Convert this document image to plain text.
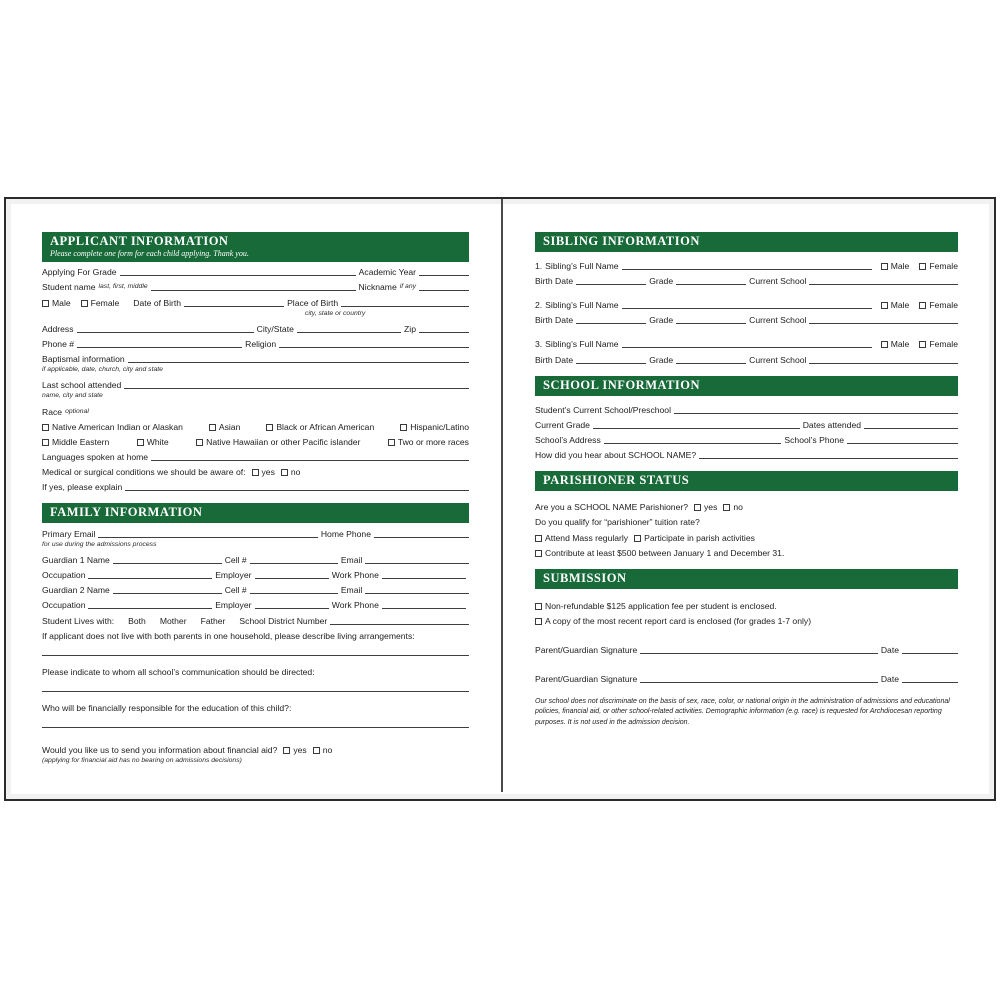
APPLICANT INFORMATION
Please complete one form for each child applying. Thank you.
Applying For Grade	Academic Year
Student name last, first, middle	Nickname if any
Male Female Date of Birth	Place of Birth
city, state or country
Address	City/State	Zip
Phone #	Religion
Baptismal information
if applicable, date, church, city and state
Last school attended
name, city and state
Race optional
Native American Indian or Alaskan	Asian	Black or African American	Hispanic/Latino
Middle Eastern	White	Native Hawaiian or other Pacific islander	Two or more races
Languages spoken at home
Medical or surgical conditions we should be aware of: yes no
If yes, please explain
FAMILY INFORMATION
Primary Email	Home Phone
for use during the admissions process
Guardian 1 Name	Cell #	Email
Occupation	Employer	Work Phone
Guardian 2 Name	Cell #	Email
Occupation	Employer	Work Phone
Student Lives with: Both Mother Father School District Number
If applicant does not live with both parents in one household, please describe living arrangements:
Please indicate to whom all school’s communication should be directed:
Who will be financially responsible for the education of this child?:
Would you like us to send you information about financial aid? yes no
(applying for financial aid has no bearing on admissions decisions)
SIBLING INFORMATION
1. Sibling’s Full Name	Male Female
Birth Date	Grade	Current School
2. Sibling’s Full Name	Male Female
Birth Date	Grade	Current School
3. Sibling’s Full Name	Male Female
Birth Date	Grade	Current School
SCHOOL INFORMATION
Student’s Current School/Preschool
Current Grade	Dates attended
School’s Address	School’s Phone
How did you hear about SCHOOL NAME?
PARISHIONER STATUS
Are you a SCHOOL NAME Parishioner? yes no
Do you qualify for “parishioner” tuition rate?
Attend Mass regularly Participate in parish activities
Contribute at least $500 between January 1 and December 31.
SUBMISSION
Non-refundable $125 application fee per student is enclosed.
A copy of the most recent report card is enclosed (for grades 1-7 only)
Parent/Guardian Signature	Date
Parent/Guardian Signature	Date
Our school does not discriminate on the basis of sex, race, color, or national origin in the administration of admissions and educational policies, financial aid, or other school-related activities. Demographic information (e.g. race) is requested for Archdiocesan reporting purposes. It is not used in the admission decision.
